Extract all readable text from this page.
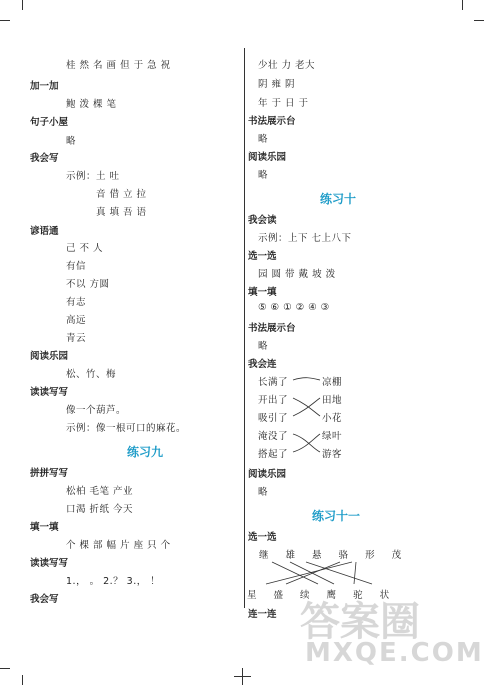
桂 然 名 画 但 于 急 祝
加一加
鲍 泼 棵 笔
句子小屋
略
我会写
示例：土 吐
音 借 立 拉
真 填 吾 语
谚语通
己 不 人
有信
不以 方圆
有志
高远
青云
阅读乐园
松、竹、梅
读读写写
像一个葫芦。
示例：像一根可口的麻花。
练习九
拼拼写写
松柏 毛笔 产业
口渴 折纸 今天
填一填
个 棵 部 幅 片 座 只 个
读读写写
1.， 。 2.？ 3.， ！
我会写
少壮 力 老大
阴 雍 阴
年 于 日 于
书法展示台
略
阅读乐园
略
练习十
我会读
示例：上下 七上八下
选一选
园 圆 带 戴 坡 泼
填一填
⑤ ⑥ ① ② ④ ③
书法展示台
略
我会连
长满了
开出了
吸引了
淹没了
搭起了
凉棚
田地
小花
绿叶
游客
阅读乐园
略
练习十一
选一选
继 雄 悬 骆 形 茂
星 盛 续 鹰 驼 状
连一连 答案圈
MXQE.COM
